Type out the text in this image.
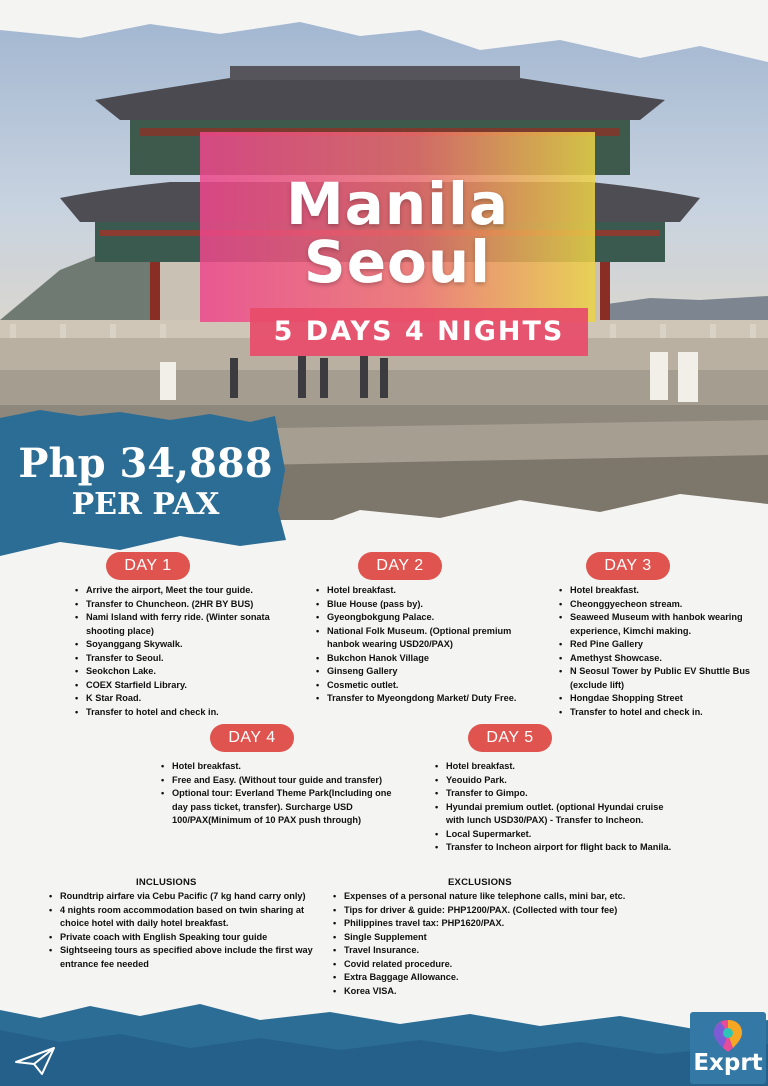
Manila
Seoul
5 DAYS 4 NIGHTS
Php 34,888
PER PAX
DAY 1	DAY 2	DAY 3
DAY 4	DAY 5
• Arrive the airport, Meet the tour guide.
• Transfer to Chuncheon. (2HR BY BUS)
• Nami Island with ferry ride. (Winter sonata shooting place)
• Soyanggang Skywalk.
• Transfer to Seoul.
• Seokchon Lake.
• COEX Starfield Library.
• K Star Road.
• Transfer to hotel and check in.
• Hotel breakfast.
• Blue House (pass by).
• Gyeongbokgung Palace.
• National Folk Museum. (Optional premium hanbok wearing USD20/PAX)
• Bukchon Hanok Village
• Ginseng Gallery
• Cosmetic outlet.
• Transfer to Myeongdong Market/ Duty Free.
• Hotel breakfast.
• Cheonggyecheon stream.
• Seaweed Museum with hanbok wearing experience, Kimchi making.
• Red Pine Gallery
• Amethyst Showcase.
• N Seosul Tower by Public EV Shuttle Bus (exclude lift)
• Hongdae Shopping Street
• Transfer to hotel and check in.
• Hotel breakfast.
• Free and Easy. (Without tour guide and transfer)
• Optional tour: Everland Theme Park(Including one day pass ticket, transfer). Surcharge USD 100/PAX(Minimum of 10 PAX push through)
• Hotel breakfast.
• Yeouido Park.
• Transfer to Gimpo.
• Hyundai premium outlet. (optional Hyundai cruise with lunch USD30/PAX) - Transfer to Incheon.
• Local Supermarket.
• Transfer to Incheon airport for flight back to Manila.
INCLUSIONS
• Roundtrip airfare via Cebu Pacific (7 kg hand carry only)
• 4 nights room accommodation based on twin sharing at choice hotel with daily hotel breakfast.
• Private coach with English Speaking tour guide
• Sightseeing tours as specified above include the first way entrance fee needed
EXCLUSIONS
• Expenses of a personal nature like telephone calls, mini bar, etc.
• Tips for driver & guide: PHP1200/PAX. (Collected with tour fee)
• Philippines travel tax: PHP1620/PAX.
• Single Supplement
• Travel Insurance.
• Covid related procedure.
• Extra Baggage Allowance.
• Korea VISA.
Exprt
